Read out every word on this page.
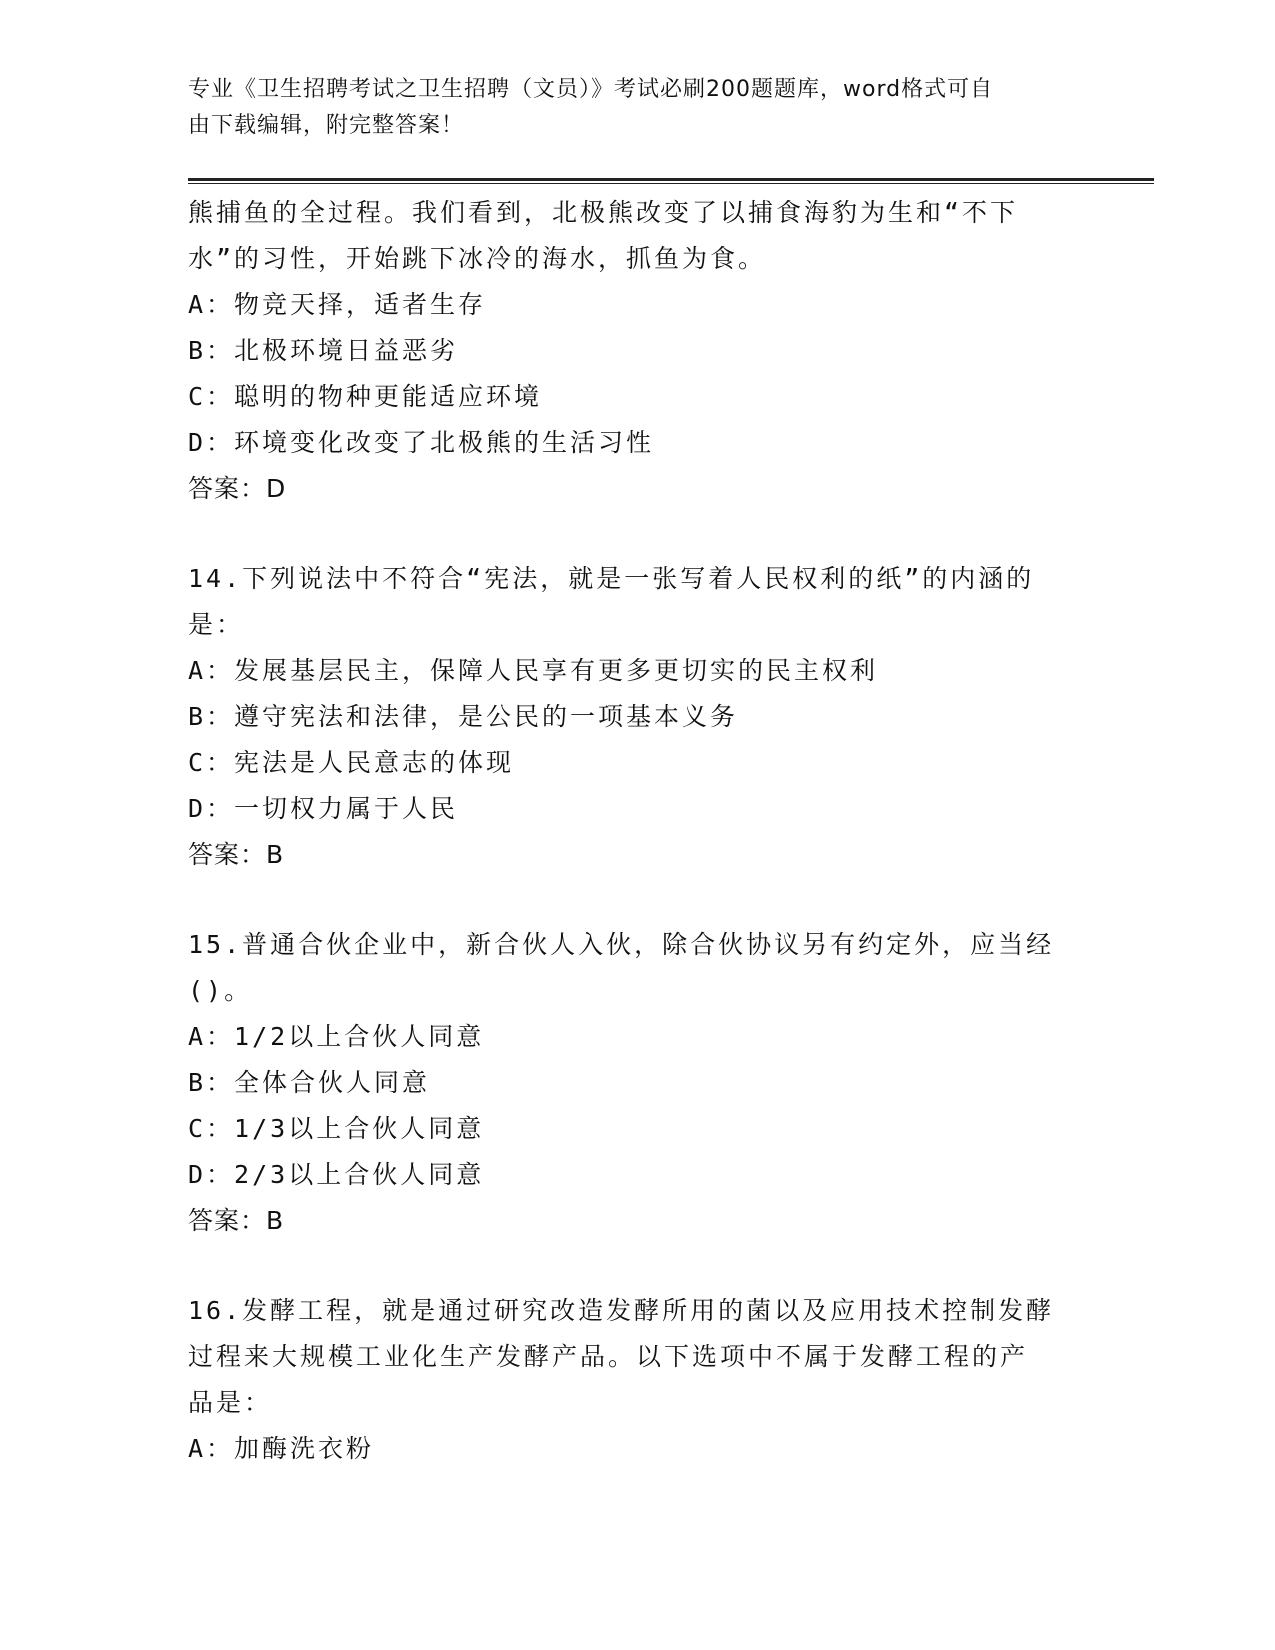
专业《卫生招聘考试之卫生招聘（文员）》考试必刷200题题库，word格式可自
由下载编辑，附完整答案！
熊捕鱼的全过程。我们看到，北极熊改变了以捕食海豹为生和“不下
水”的习性，开始跳下冰冷的海水，抓鱼为食。
A：物竞天择，适者生存
B：北极环境日益恶劣
C：聪明的物种更能适应环境
D：环境变化改变了北极熊的生活习性
答案：D
14.下列说法中不符合“宪法，就是一张写着人民权利的纸”的内涵的
是：
A：发展基层民主，保障人民享有更多更切实的民主权利
B：遵守宪法和法律，是公民的一项基本义务
C：宪法是人民意志的体现
D：一切权力属于人民
答案：B
15.普通合伙企业中，新合伙人入伙，除合伙协议另有约定外，应当经
()。
A：1/2以上合伙人同意
B：全体合伙人同意
C：1/3以上合伙人同意
D：2/3以上合伙人同意
答案：B
16.发酵工程，就是通过研究改造发酵所用的菌以及应用技术控制发酵
过程来大规模工业化生产发酵产品。以下选项中不属于发酵工程的产
品是：
A：加酶洗衣粉
